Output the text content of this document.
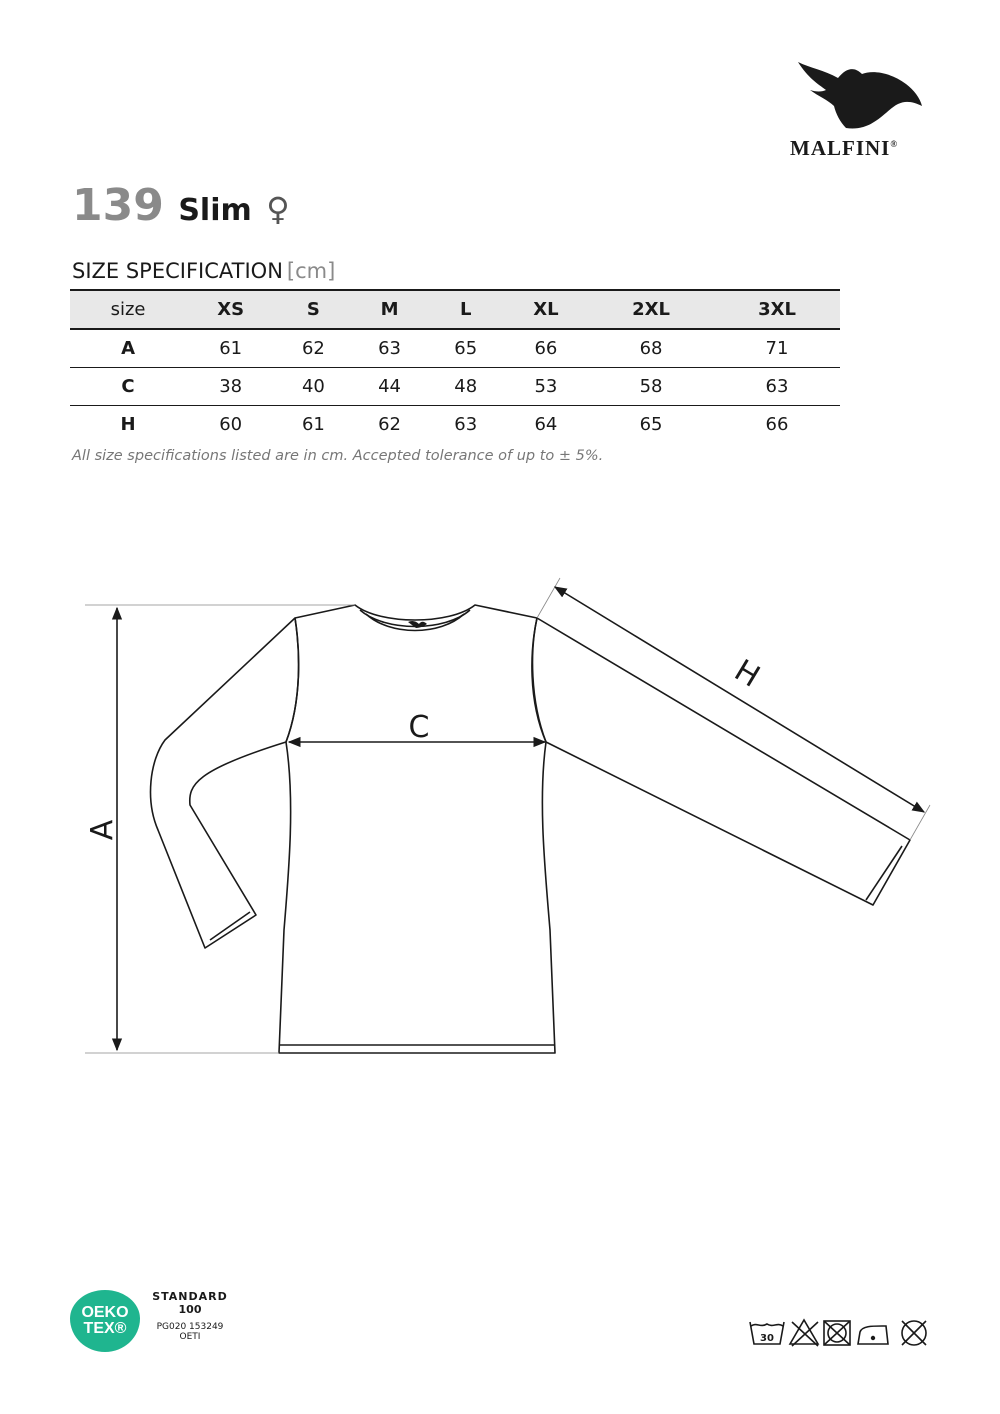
MALFINI®
139 Slim ♀
SIZE SPECIFICATION [cm]
size	XS	S	M	L	XL	2XL	3XL
A	61	62	63	65	66	68	71
C	38	40	44	48	53	58	63
H	60	61	62	63	64	65	66
All size specifications listed are in cm. Accepted tolerance of up to ± 5%.
A
C
H
OEKO
TEX®
STANDARD
100
PG020 153249
OETI	30
